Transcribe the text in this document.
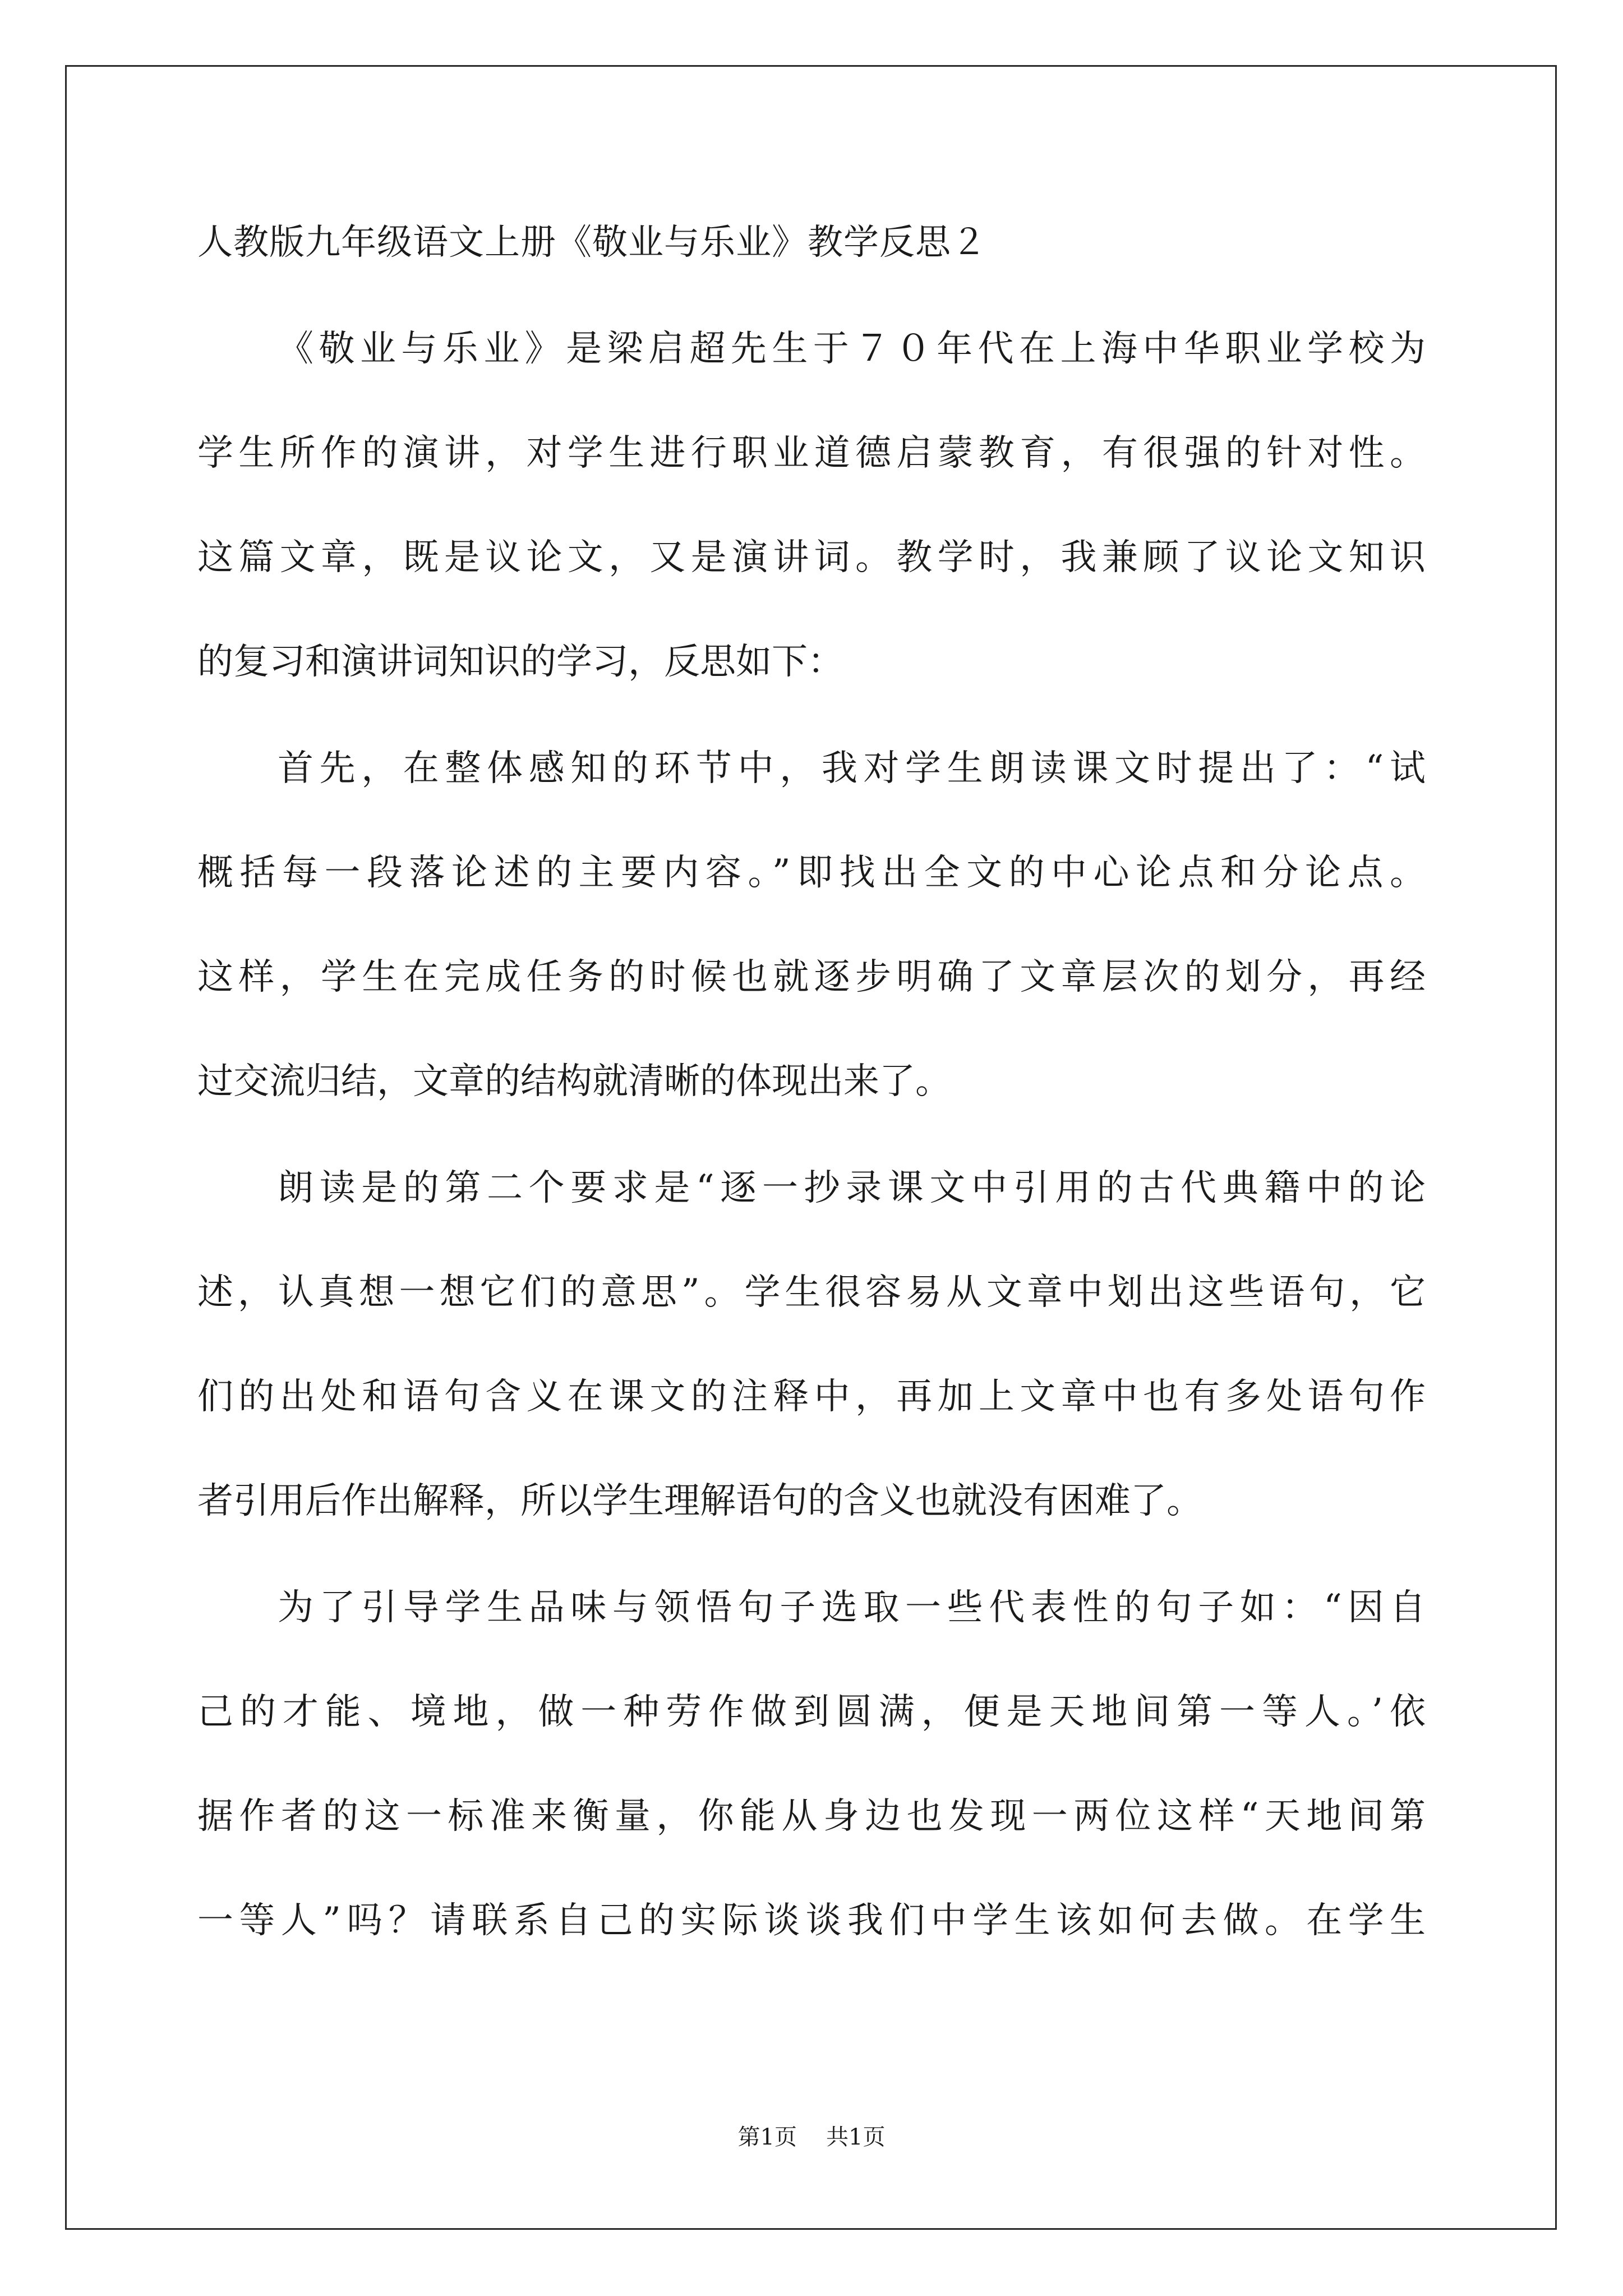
人教版九年级语文上册《敬业与乐业》教学反思２
《敬业与乐业》是梁启超先生于７０年代在上海中华职业学校为
学生所作的演讲，对学生进行职业道德启蒙教育，有很强的针对性。
这篇文章，既是议论文，又是演讲词。教学时，我兼顾了议论文知识
的复习和演讲词知识的学习，反思如下：
首先，在整体感知的环节中，我对学生朗读课文时提出了：“试
概括每一段落论述的主要内容。”即找出全文的中心论点和分论点。
这样，学生在完成任务的时候也就逐步明确了文章层次的划分，再经
过交流归结，文章的结构就清晰的体现出来了。
朗读是的第二个要求是“逐一抄录课文中引用的古代典籍中的论
述，认真想一想它们的意思”。学生很容易从文章中划出这些语句，它
们的出处和语句含义在课文的注释中，再加上文章中也有多处语句作
者引用后作出解释，所以学生理解语句的含义也就没有困难了。
为了引导学生品味与领悟句子选取一些代表性的句子如：“因自
己的才能、境地，做一种劳作做到圆满，便是天地间第一等人。’依
据作者的这一标准来衡量，你能从身边也发现一两位这样“天地间第
一等人”吗？请联系自己的实际谈谈我们中学生该如何去做。在学生
第1页 共1页
